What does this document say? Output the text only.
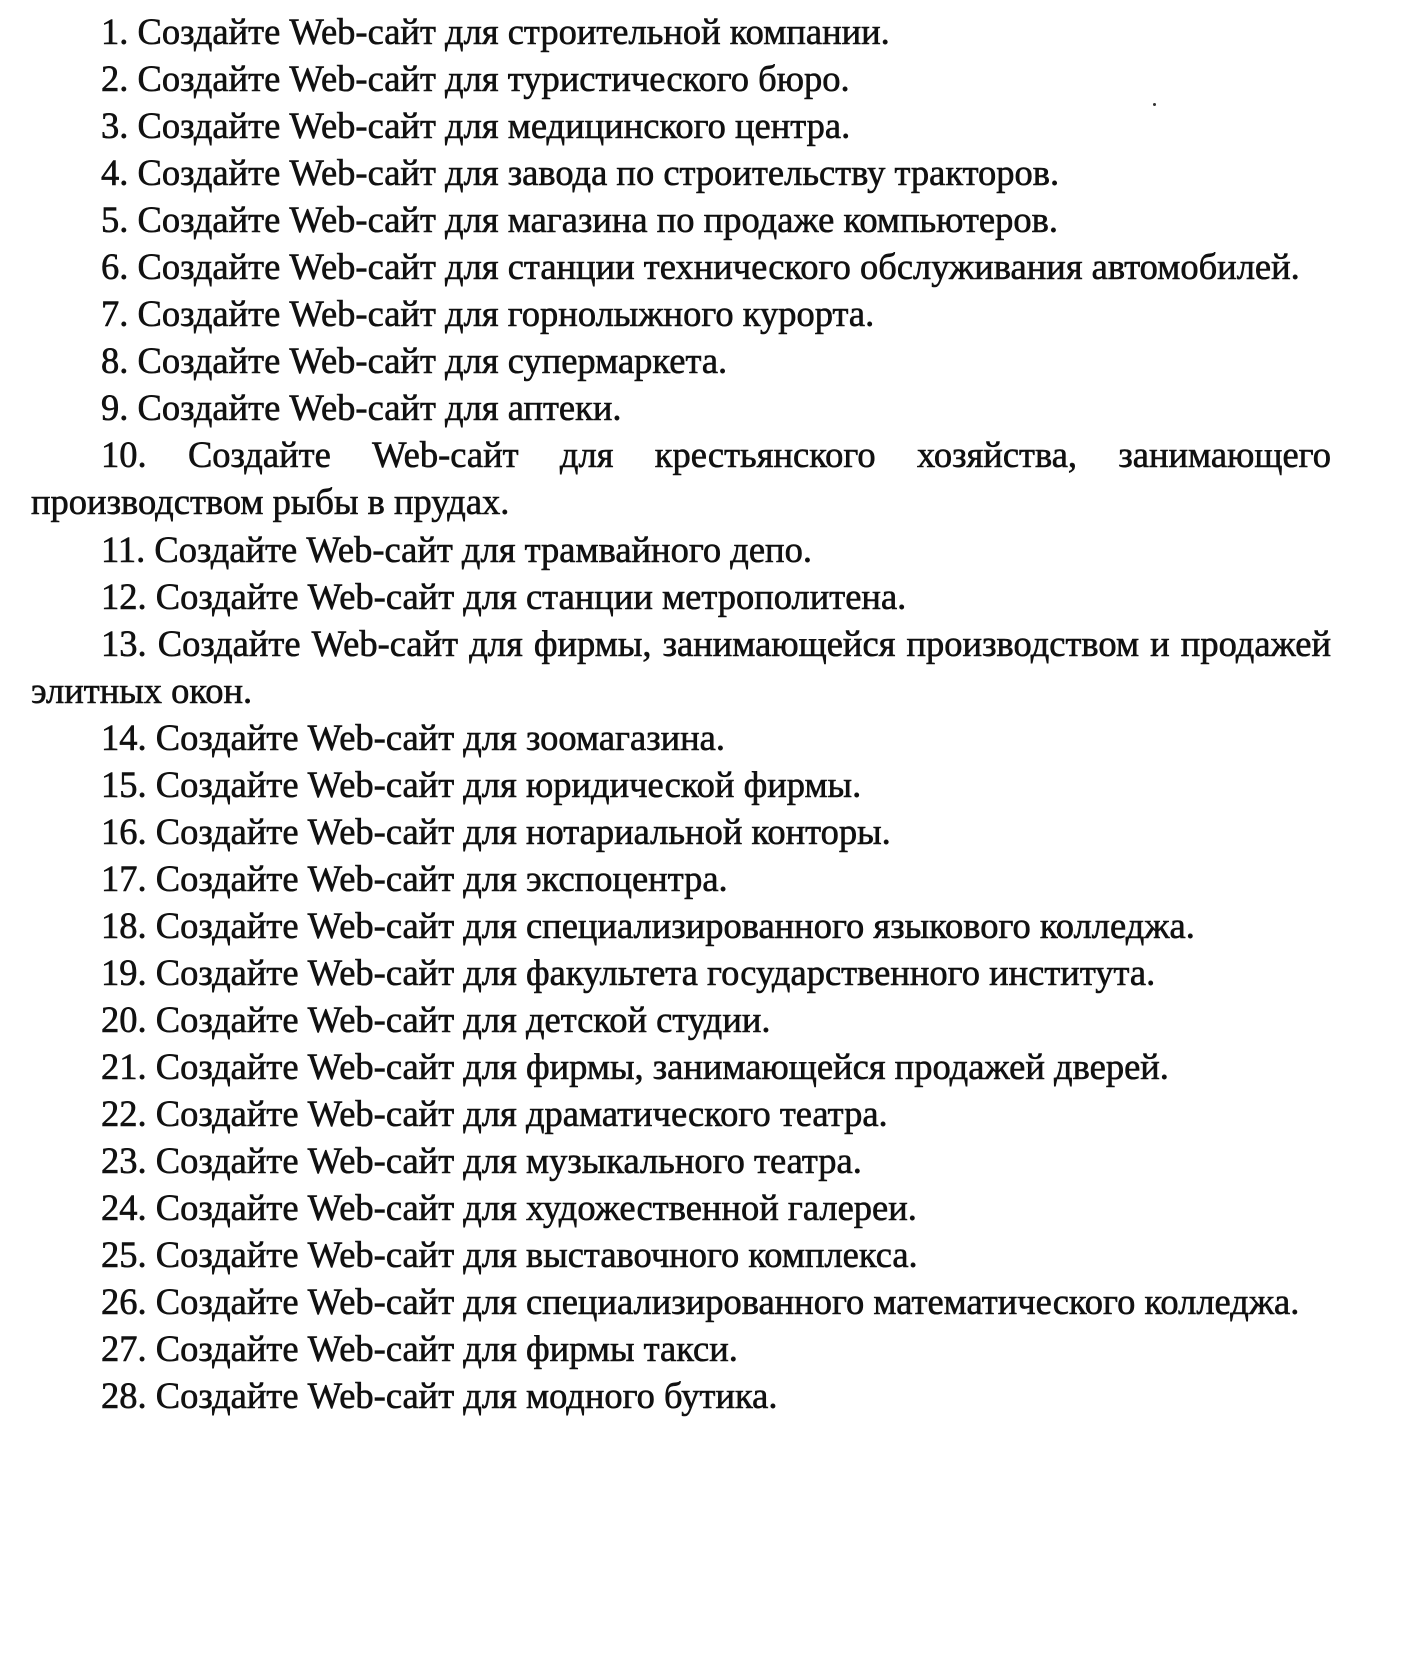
1. Создайте Web-сайт для строительной компании.

2. Создайте Web-сайт для туристического бюро.

3. Создайте Web-сайт для медицинского центра.

4. Создайте Web-сайт для завода по строительству тракторов.

5. Создайте Web-сайт для магазина по продаже компьютеров.

6. Создайте Web-сайт для станции технического обслуживания автомобилей.

7. Создайте Web-сайт для горнолыжного курорта.

8. Создайте Web-сайт для супермаркета.

9. Создайте Web-сайт для аптеки.

10. Создайте Web-сайт для крестьянского хозяйства, занимающего производством рыбы в прудах.

11. Создайте Web-сайт для трамвайного депо.

12. Создайте Web-сайт для станции метрополитена.

13. Создайте Web-сайт для фирмы, занимающейся производством и продажей элитных окон.

14. Создайте Web-сайт для зоомагазина.

15. Создайте Web-сайт для юридической фирмы.

16. Создайте Web-сайт для нотариальной конторы.

17. Создайте Web-сайт для экспоцентра.

18. Создайте Web-сайт для специализированного языкового колледжа.

19. Создайте Web-сайт для факультета государственного института.

20. Создайте Web-сайт для детской студии.

21. Создайте Web-сайт для фирмы, занимающейся продажей дверей.

22. Создайте Web-сайт для драматического театра.

23. Создайте Web-сайт для музыкального театра.

24. Создайте Web-сайт для художественной галереи.

25. Создайте Web-сайт для выставочного комплекса.

26. Создайте Web-сайт для специализированного математического колледжа.

27. Создайте Web-сайт для фирмы такси.

28. Создайте Web-сайт для модного бутика.
